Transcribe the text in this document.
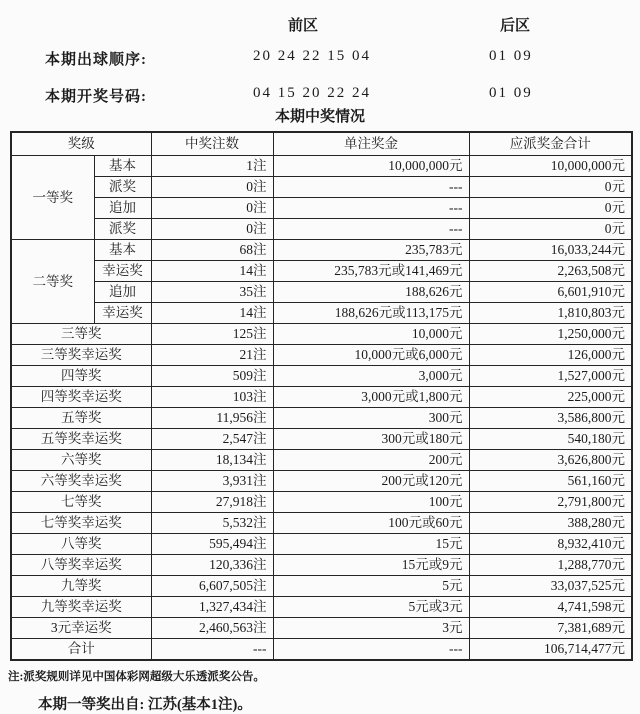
前区	后区
本期出球顺序:	20 24 22 15 04	01 09
本期开奖号码:	04 15 20 22 24	01 09
本期中奖情况
奖级		中奖注数	单注奖金	应派奖金合计
一等奖	基本	1注	10,000,000元	10,000,000元
	派奖	0注	---	0元
	追加	0注	---	0元
	派奖	0注	---	0元
二等奖	基本	68注	235,783元	16,033,244元
	幸运奖	14注	235,783元或141,469元	2,263,508元
	追加	35注	188,626元	6,601,910元
	幸运奖	14注	188,626元或113,175元	1,810,803元
三等奖		125注	10,000元	1,250,000元
三等奖幸运奖		21注	10,000元或6,000元	126,000元
四等奖		509注	3,000元	1,527,000元
四等奖幸运奖		103注	3,000元或1,800元	225,000元
五等奖		11,956注	300元	3,586,800元
五等奖幸运奖		2,547注	300元或180元	540,180元
六等奖		18,134注	200元	3,626,800元
六等奖幸运奖		3,931注	200元或120元	561,160元
七等奖		27,918注	100元	2,791,800元
七等奖幸运奖		5,532注	100元或60元	388,280元
八等奖		595,494注	15元	8,932,410元
八等奖幸运奖		120,336注	15元或9元	1,288,770元
九等奖		6,607,505注	5元	33,037,525元
九等奖幸运奖		1,327,434注	5元或3元	4,741,598元
3元幸运奖		2,460,563注	3元	7,381,689元
合计		---	---	106,714,477元
注:派奖规则详见中国体彩网超级大乐透派奖公告。
本期一等奖出自: 江苏(基本1注)。
